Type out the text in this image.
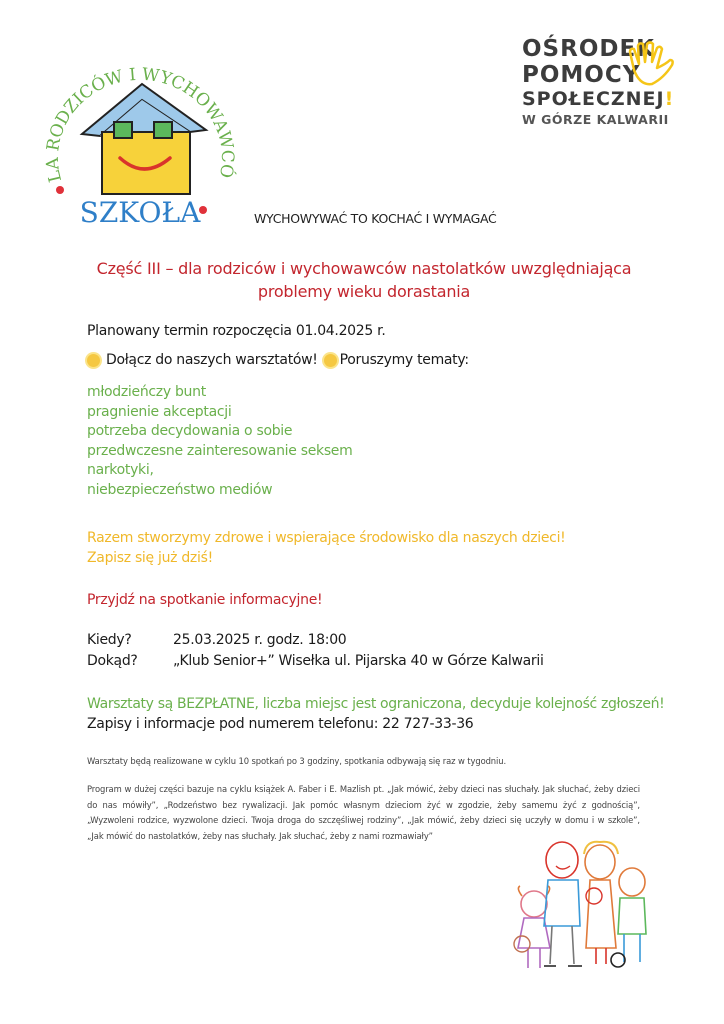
LA RODZICÓW I WYCHOWAWCÓ
SZKOŁA
OŚRODEK
POMOCY
SPOŁECZNEJ!
W GÓRZE KALWARII
WYCHOWYWAĆ TO KOCHAĆ I WYMAGAĆ
Część III – dla rodziców i wychowawców nastolatków uwzględniająca
problemy wieku dorastania
Planowany termin rozpoczęcia 01.04.2025 r.
Dołącz do naszych warsztatów! Poruszymy tematy:
młodzieńczy bunt
pragnienie akceptacji
potrzeba decydowania o sobie
przedwczesne zainteresowanie seksem
narkotyki,
niebezpieczeństwo mediów
Razem stworzymy zdrowe i wspierające środowisko dla naszych dzieci!
Zapisz się już dziś!
Przyjdź na spotkanie informacyjne!
Kiedy?	25.03.2025 r. godz. 18:00
Dokąd?	„Klub Senior+” Wisełka ul. Pijarska 40 w Górze Kalwarii
Warsztaty są BEZPŁATNE, liczba miejsc jest ograniczona, decyduje kolejność zgłoszeń!
Zapisy i informacje pod numerem telefonu: 22 727-33-36
Warsztaty będą realizowane w cyklu 10 spotkań po 3 godziny, spotkania odbywają się raz w tygodniu.
Program w dużej części bazuje na cyklu książek A. Faber i E. Mazlish pt. „Jak mówić, żeby dzieci nas słuchały. Jak słuchać, żeby dzieci do nas mówiły”, „Rodzeństwo bez rywalizacji. Jak pomóc własnym dzieciom żyć w zgodzie, żeby samemu żyć z godnością”, „Wyzwoleni rodzice, wyzwolone dzieci. Twoja droga do szczęśliwej rodziny”, „Jak mówić, żeby dzieci się uczyły w domu i w szkole”, „Jak mówić do nastolatków, żeby nas słuchały. Jak słuchać, żeby z nami rozmawiały”
